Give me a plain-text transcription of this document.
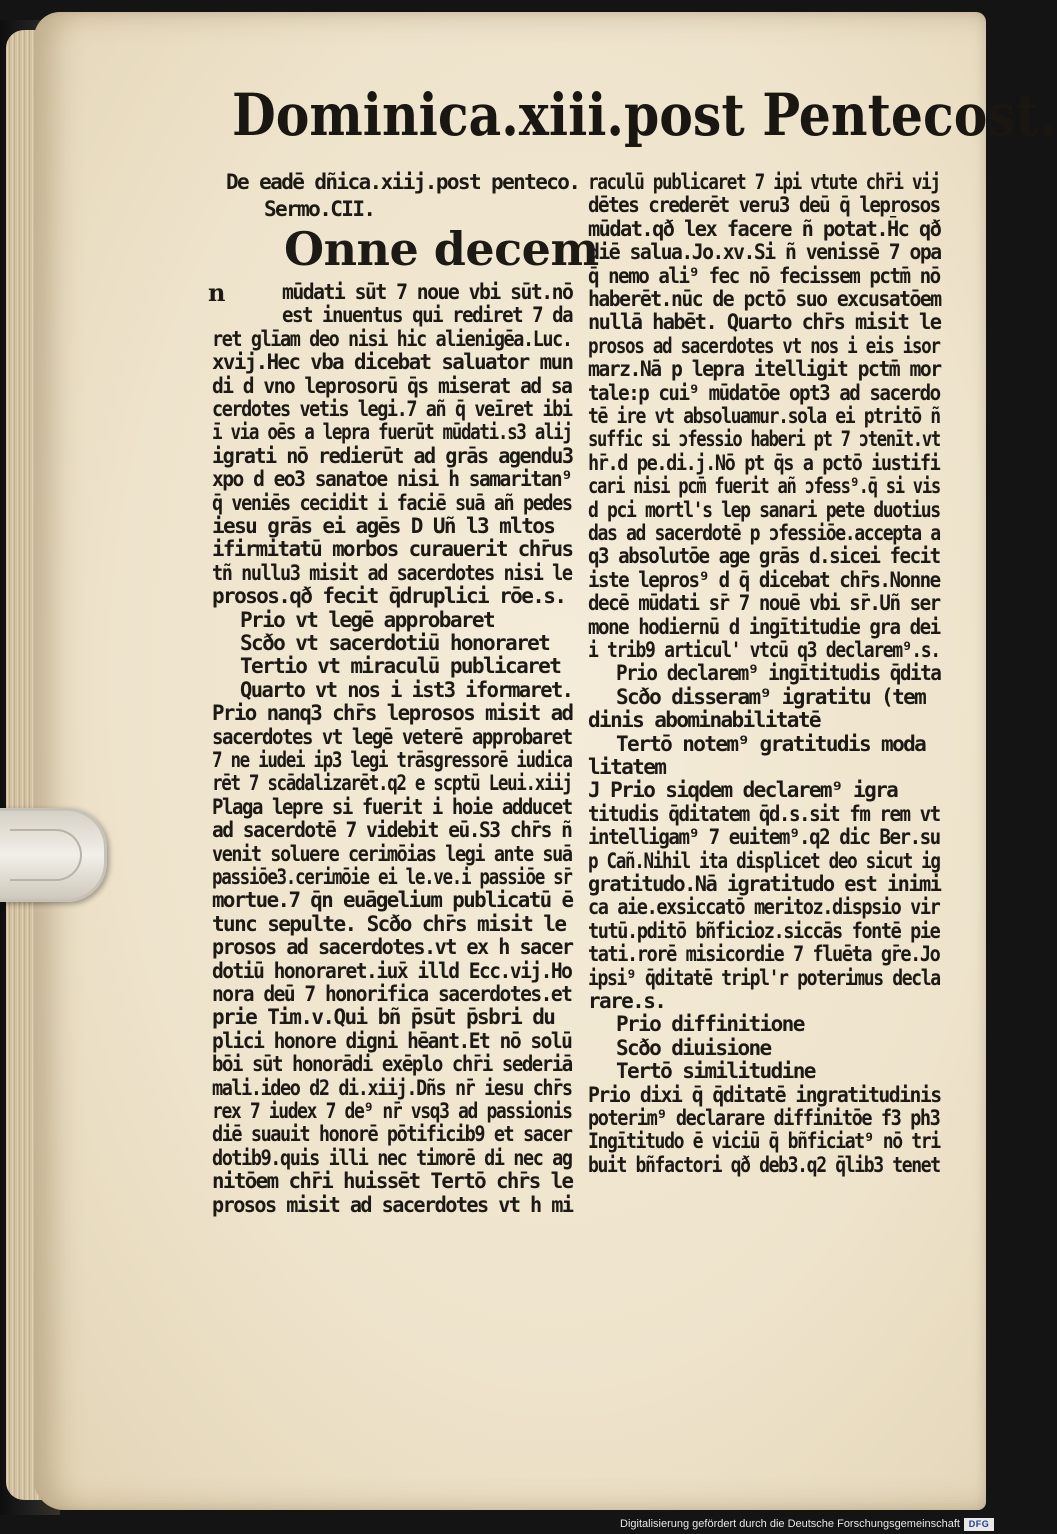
Dominica.xiii.post Pentecost.
De eadē dñica.xiij.post penteco.
Sermo.CII.
Onne decem
n	mūdati sūt 7 noue vbi sūt.nō
est inuentus qui rediret 7 da
ret glīam deo nisi hic alienigēa.Luc.
xvij.Hec vba dicebat saluator mun
di d vno leprosorū q̄s miserat ad sa
cerdotes vetis legi.7 añ q̄ veīret ibi
ī via oēs a lepra fuerūt mūdati.s3 alij
igrati nō redierūt ad grās agendu3
xpo d eo3 sanatoe nisi h samaritan⁹
q̄ veniēs cecidit i faciē suā añ pedes
iesu grās ei agēs D Uñ l3 mltos
ifirmitatū morbos curauerit chr̄us
tñ nullu3 misit ad sacerdotes nisi le
prosos.qð fecit q̄druplici rōe.s.
Prio vt legē approbaret
Scðo vt sacerdotiū honoraret
Tertio vt miraculū publicaret
Quarto vt nos i ist3 iformaret.
Prio nanq3 chr̄s leprosos misit ad
sacerdotes vt legē veterē approbaret
7 ne iudei ip3 legi trāsgressorē iudica
rēt 7 scādalizarēt.q2 e scptū Leui.xiij
Plaga lepre si fuerit i hoie adducet
ad sacerdotē 7 videbit eū.S3 chr̄s ñ
venit soluere cerimōias legi ante suā
passiōe3.cerimōie ei le.ve.i passiōe sr̄
mortue.7 q̄n euāgelium publicatū ē
tunc sepulte. Scðo chr̄s misit le
prosos ad sacerdotes.vt ex h sacer
dotiū honoraret.iux̄ illd Ecc.vij.Ho
nora deū 7 honorifica sacerdotes.et
prie Tim.v.Qui bñ p̄sūt p̄sbri du
plici honore digni hēant.Et nō solū
bōi sūt honorādi exēplo chr̄i sederiā
mali.ideo d2 di.xiij.Dñs nr̄ iesu chr̄s
rex 7 iudex 7 de⁹ nr̄ vsq3 ad passionis
diē suauit honorē pōtificib9 et sacer
dotib9.quis illi nec timorē di nec ag
nitōem chr̄i huissēt Tertō chr̄s le
prosos misit ad sacerdotes vt h mi
raculū publicaret 7 ipi vtute chr̄i vij
dētes crederēt veru3 deū q̄ leprosos
mūdat.qð lex facere ñ potat.H̄c qð
diē salua.Jo.xv.Si ñ venissē 7 opa
q̄ nemo ali⁹ fec nō fecissem pctm̄ nō
haberēt.nūc de pctō suo excusatōem
nullā habēt. Quarto chr̄s misit le
prosos ad sacerdotes vt nos i eis isor
marz.Nā p lepra itelligit pctm̄ mor
tale:p cui⁹ mūdatōe opt3 ad sacerdo
tē ire vt absoluamur.sola ei ptritō ñ
suffic si ɔfessio haberi pt 7 ɔtenīt.vt
hr̄.d pe.di.j.Nō pt q̄s a pctō iustifi
cari nisi pcm̄ fuerit añ ɔfess⁹.q̄ si vis
d pci mortl's lep sanari pete duotius
das ad sacerdotē p ɔfessiōe.accepta a
q3 absolutōe age grās d.sicei fecit
iste lepros⁹ d q̄ dicebat chr̄s.Nonne
decē mūdati sr̄ 7 nouē vbi sr̄.Uñ ser
mone hodiernū d ingītitudie gra dei
i trib9 articul' vtcū q3 declarem⁹.s.
Prio declarem⁹ ingītitudis q̄dita
Scðo disseram⁹ igratitu (tem
dinis abominabilitatē
Tertō notem⁹ gratitudis moda
litatem
J Prio siqdem declarem⁹ igra
titudis q̄ditatem q̄d.s.sit fm rem vt
intelligam⁹ 7 euitem⁹.q2 dic Ber.su
p Cañ.Nihil ita displicet deo sicut ig
gratitudo.Nā igratitudo est inimi
ca aie.exsiccatō meritoz.dispsio vir
tutū.pditō bñficioz.siccās fontē pie
tati.rorē misicordie 7 fluēta gr̄e.Jo
ipsi⁹ q̄ditatē tripl'r poterimus decla
rare.s.
Prio diffinitione
Scðo diuisione
Tertō similitudine
Prio dixi q̄ q̄ditatē ingratitudinis
poterim⁹ declarare diffinitōe f3 ph3
Ingītitudo ē viciū q̄ bñficiat⁹ nō tri
buit bñfactori qð deb3.q2 q̄lib3 tenet
Digitalisierung gefördert durch die Deutsche Forschungsgemeinschaft DFG
